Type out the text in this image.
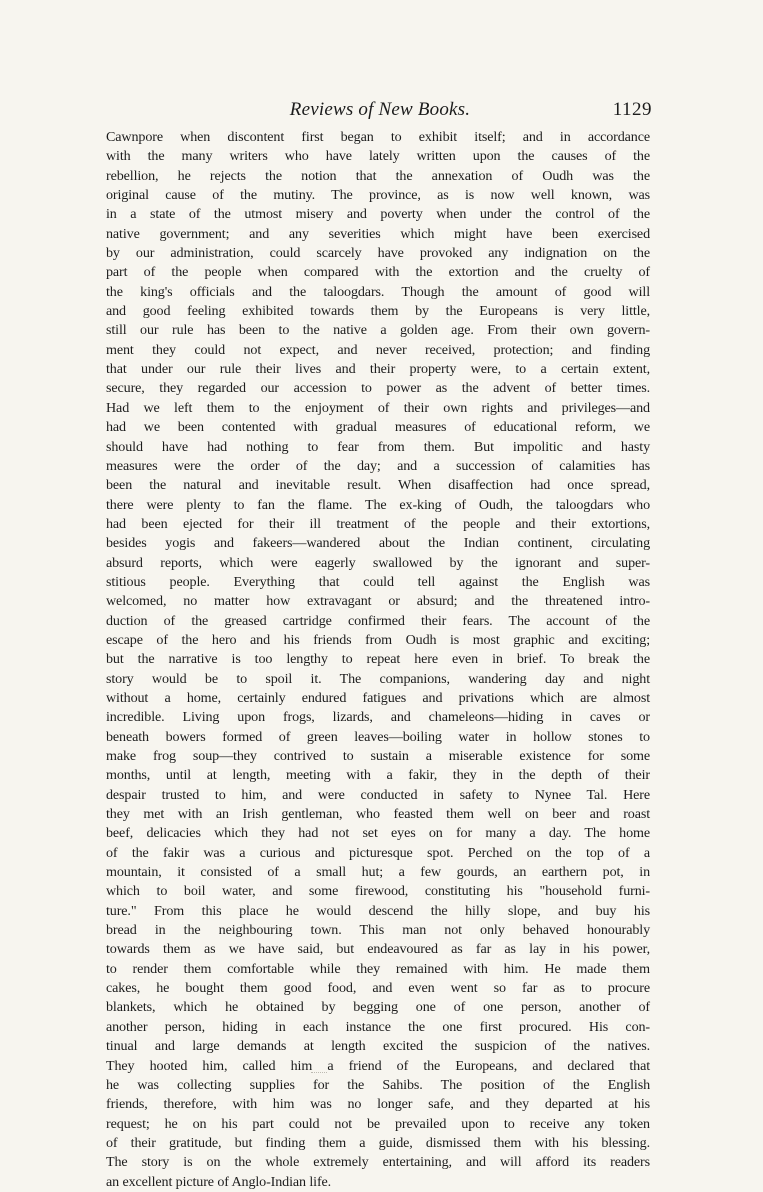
Reviews of New Books.	1129
Cawnpore when discontent first began to exhibit itself; and in accordance
with the many writers who have lately written upon the causes of the
rebellion, he rejects the notion that the annexation of Oudh was the
original cause of the mutiny. The province, as is now well known, was
in a state of the utmost misery and poverty when under the control of the
native government; and any severities which might have been exercised
by our administration, could scarcely have provoked any indignation on the
part of the people when compared with the extortion and the cruelty of
the king's officials and the taloogdars. Though the amount of good will
and good feeling exhibited towards them by the Europeans is very little,
still our rule has been to the native a golden age. From their own govern-
ment they could not expect, and never received, protection; and finding
that under our rule their lives and their property were, to a certain extent,
secure, they regarded our accession to power as the advent of better times.
Had we left them to the enjoyment of their own rights and privileges—and
had we been contented with gradual measures of educational reform, we
should have had nothing to fear from them. But impolitic and hasty
measures were the order of the day; and a succession of calamities has
been the natural and inevitable result. When disaffection had once spread,
there were plenty to fan the flame. The ex-king of Oudh, the taloogdars who
had been ejected for their ill treatment of the people and their extortions,
besides yogis and fakeers—wandered about the Indian continent, circulating
absurd reports, which were eagerly swallowed by the ignorant and super-
stitious people. Everything that could tell against the English was
welcomed, no matter how extravagant or absurd; and the threatened intro-
duction of the greased cartridge confirmed their fears. The account of the
escape of the hero and his friends from Oudh is most graphic and exciting;
but the narrative is too lengthy to repeat here even in brief. To break the
story would be to spoil it. The companions, wandering day and night
without a home, certainly endured fatigues and privations which are almost
incredible. Living upon frogs, lizards, and chameleons—hiding in caves or
beneath bowers formed of green leaves—boiling water in hollow stones to
make frog soup—they contrived to sustain a miserable existence for some
months, until at length, meeting with a fakir, they in the depth of their
despair trusted to him, and were conducted in safety to Nynee Tal. Here
they met with an Irish gentleman, who feasted them well on beer and roast
beef, delicacies which they had not set eyes on for many a day. The home
of the fakir was a curious and picturesque spot. Perched on the top of a
mountain, it consisted of a small hut; a few gourds, an earthern pot, in
which to boil water, and some firewood, constituting his "household furni-
ture." From this place he would descend the hilly slope, and buy his
bread in the neighbouring town. This man not only behaved honourably
towards them as we have said, but endeavoured as far as lay in his power,
to render them comfortable while they remained with him. He made them
cakes, he bought them good food, and even went so far as to procure
blankets, which he obtained by begging one of one person, another of
another person, hiding in each instance the one first procured. His con-
tinual and large demands at length excited the suspicion of the natives.
They hooted him, called him a friend of the Europeans, and declared that
he was collecting supplies for the Sahibs. The position of the English
friends, therefore, with him was no longer safe, and they departed at his
request; he on his part could not be prevailed upon to receive any token
of their gratitude, but finding them a guide, dismissed them with his blessing.
The story is on the whole extremely entertaining, and will afford its readers
an excellent picture of Anglo-Indian life.
